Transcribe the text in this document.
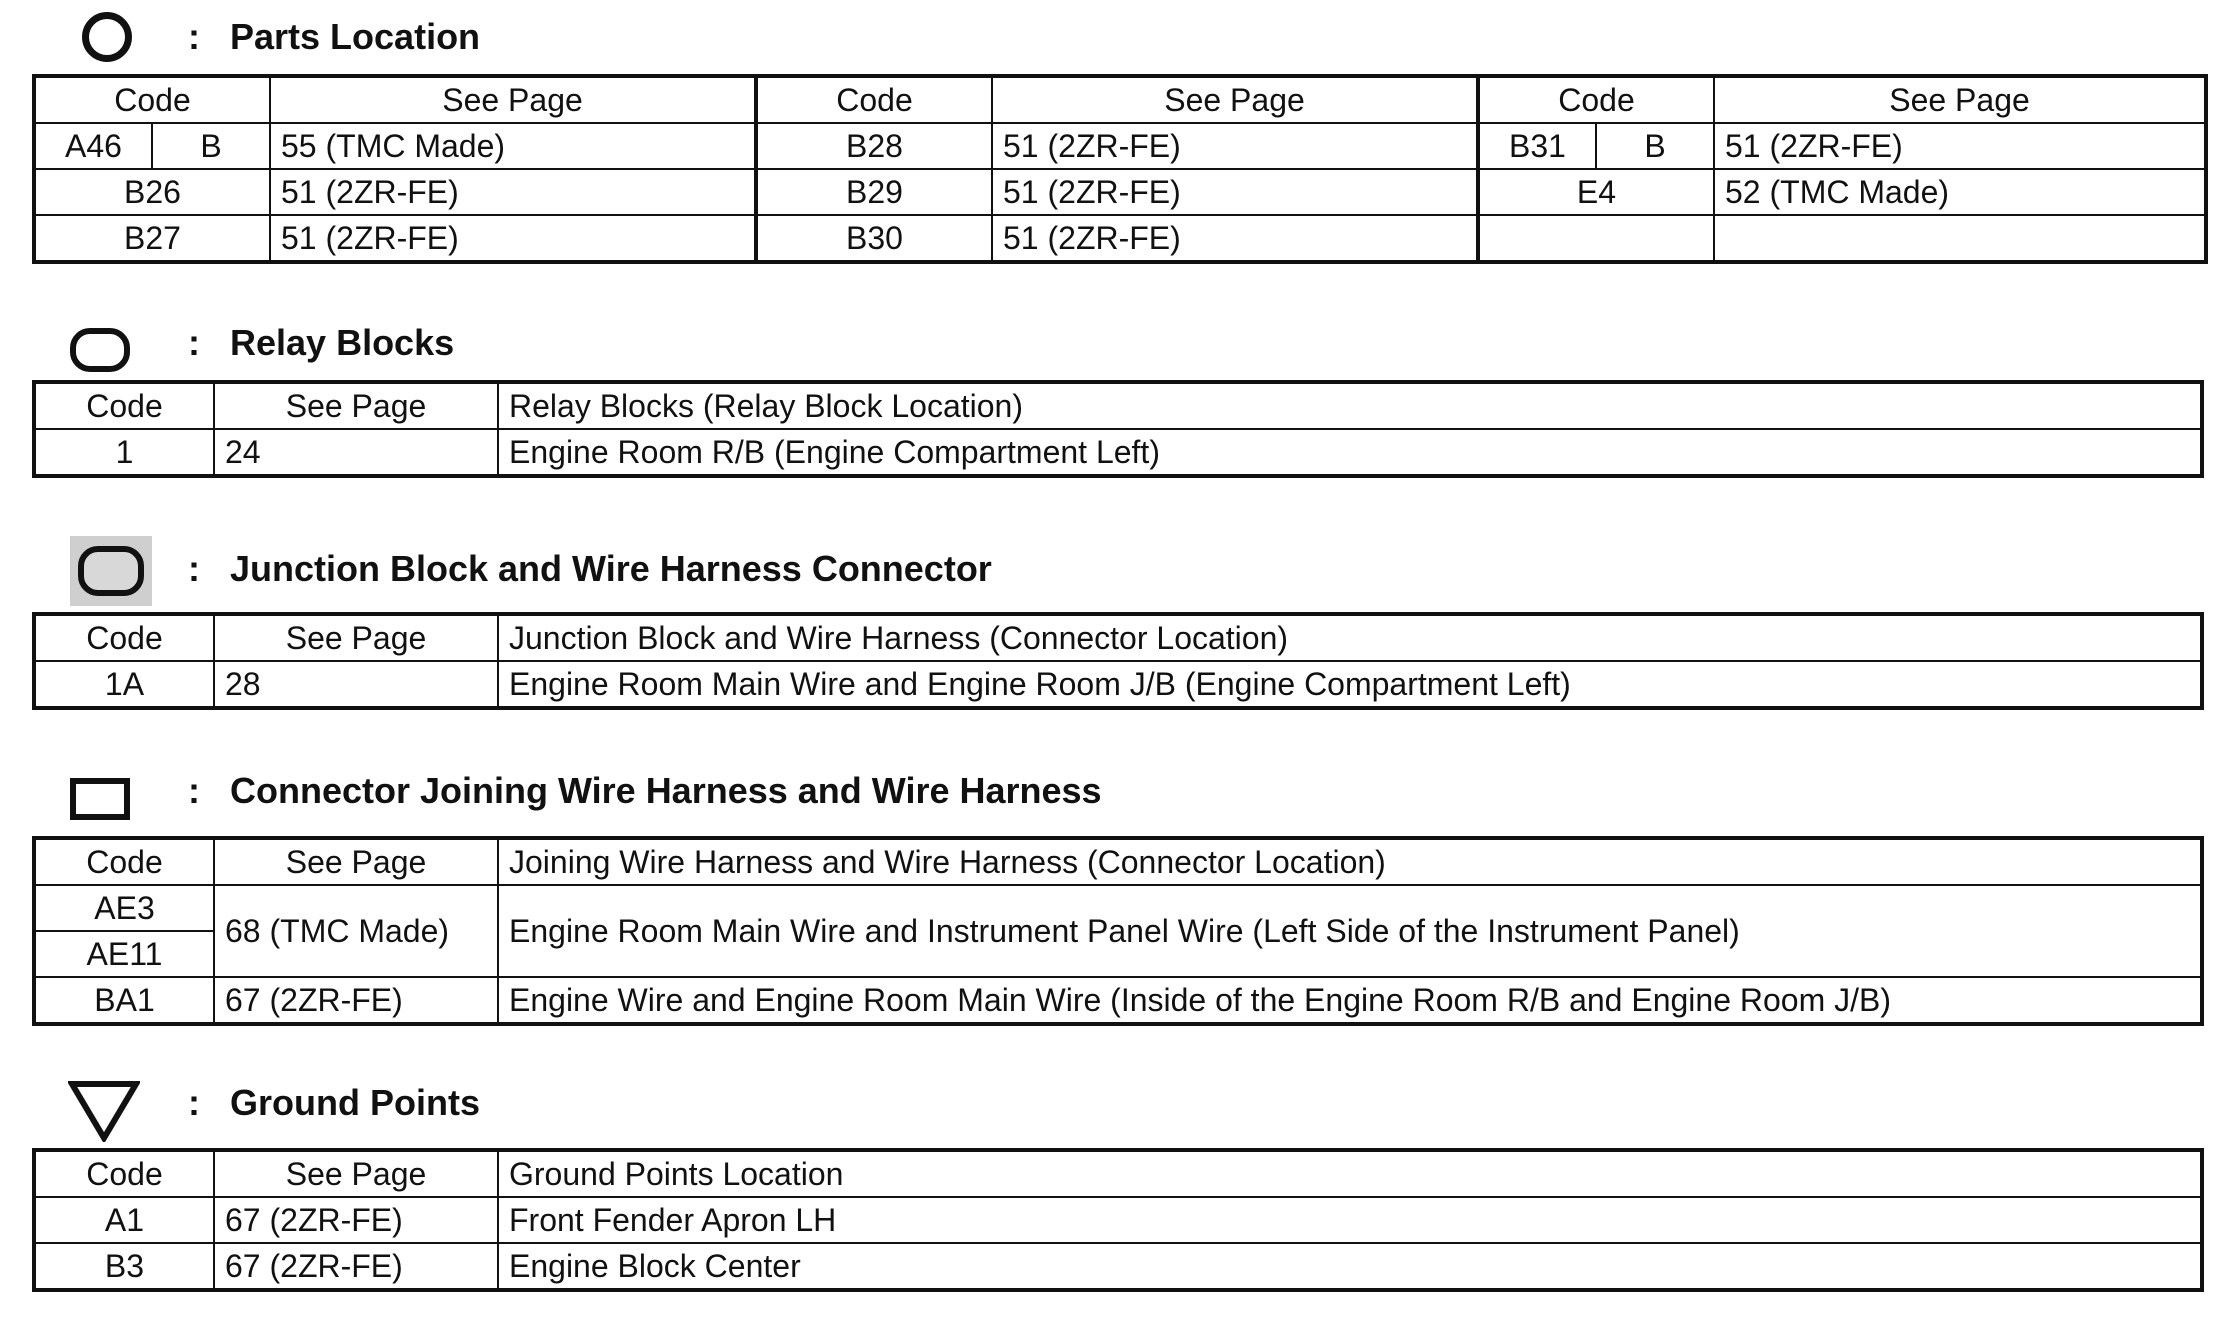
: Parts Location
Code		See Page	Code	See Page	Code		See Page
A46	B	55 (TMC Made)	B28	51 (2ZR-FE)	B31	B	51 (2ZR-FE)
B26		51 (2ZR-FE)	B29	51 (2ZR-FE)	E4		52 (TMC Made)
B27		51 (2ZR-FE)	B30	51 (2ZR-FE)			
: Relay Blocks
Code	See Page	Relay Blocks (Relay Block Location)
1	24	Engine Room R/B (Engine Compartment Left)
: Junction Block and Wire Harness Connector
Code	See Page	Junction Block and Wire Harness (Connector Location)
1A	28	Engine Room Main Wire and Engine Room J/B (Engine Compartment Left)
: Connector Joining Wire Harness and Wire Harness
Code	See Page	Joining Wire Harness and Wire Harness (Connector Location)
AE3	68 (TMC Made)	Engine Room Main Wire and Instrument Panel Wire (Left Side of the Instrument Panel)
AE11		
BA1	67 (2ZR-FE)	Engine Wire and Engine Room Main Wire (Inside of the Engine Room R/B and Engine Room J/B)
: Ground Points
Code	See Page	Ground Points Location
A1	67 (2ZR-FE)	Front Fender Apron LH
B3	67 (2ZR-FE)	Engine Block Center
